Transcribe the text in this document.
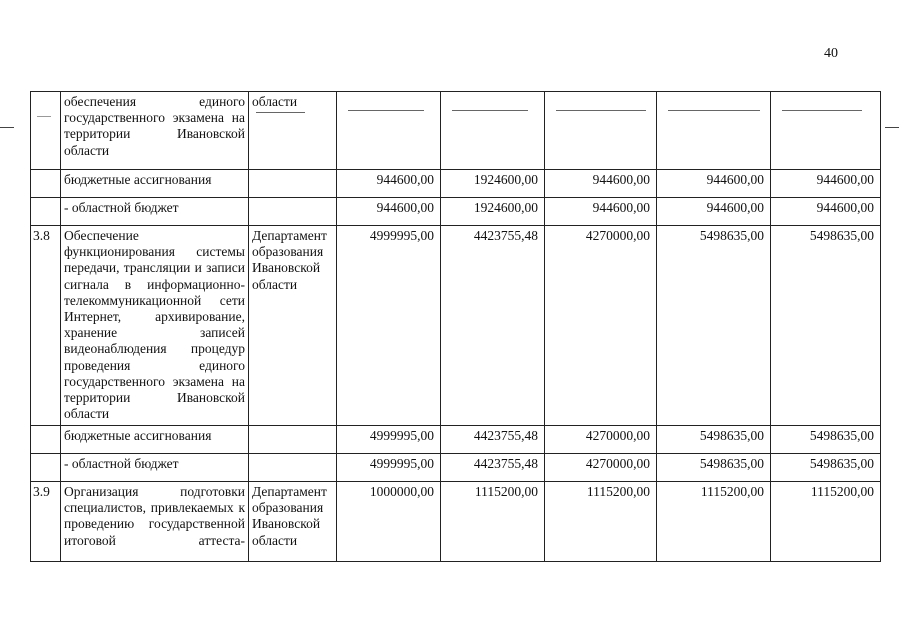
40
	обеспечения единого государственного экзамена на территории Ивановской области	области

	бюджетные ассигнования		944600,00	1924600,00	944600,00	944600,00	944600,00
	- областной бюджет		944600,00	1924600,00	944600,00	944600,00	944600,00
3.8	Обеспечение функционирования системы передачи, трансляции и записи сигнала в информационно-телекоммуникационной сети Интернет, архивирование, хранение записей видеонаблюдения процедур проведения единого государственного экзамена на территории Ивановской области	Департамент образования Ивановской области	4999995,00	4423755,48	4270000,00	5498635,00	5498635,00
	бюджетные ассигнования		4999995,00	4423755,48	4270000,00	5498635,00	5498635,00
	- областной бюджет		4999995,00	4423755,48	4270000,00	5498635,00	5498635,00
3.9	Организация подготовки специалистов, привлекаемых к проведению государственной итоговой аттеста-	Департамент образования Ивановской области	1000000,00	1115200,00	1115200,00	1115200,00	1115200,00
